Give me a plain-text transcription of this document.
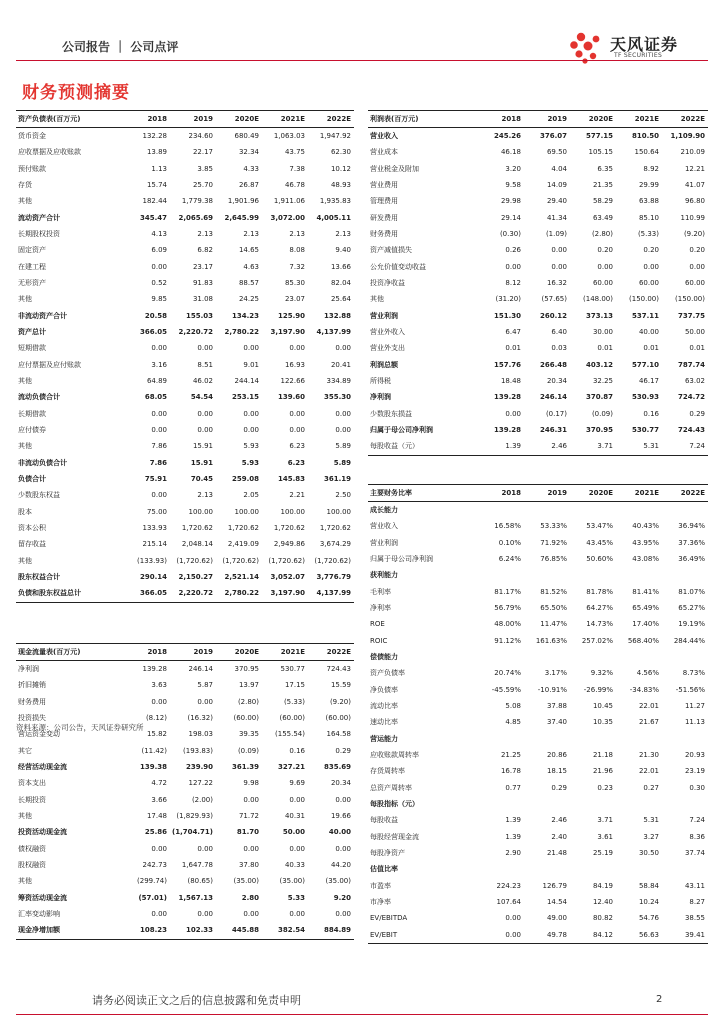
公司报告 ｜ 公司点评	天风证券
TF SECURITIES
财务预测摘要
资产负债表(百万元)	2018	2019	2020E	2021E	2022E
货币资金	132.28	234.60	680.49	1,063.03	1,947.92
应收票据及应收账款	13.89	22.17	32.34	43.75	62.30
预付账款	1.13	3.85	4.33	7.38	10.12
存货	15.74	25.70	26.87	46.78	48.93
其他	182.44	1,779.38	1,901.96	1,911.06	1,935.83
流动资产合计	345.47	2,065.69	2,645.99	3,072.00	4,005.11
长期股权投资	4.13	2.13	2.13	2.13	2.13
固定资产	6.09	6.82	14.65	8.08	9.40
在建工程	0.00	23.17	4.63	7.32	13.66
无形资产	0.52	91.83	88.57	85.30	82.04
其他	9.85	31.08	24.25	23.07	25.64
非流动资产合计	20.58	155.03	134.23	125.90	132.88
资产总计	366.05	2,220.72	2,780.22	3,197.90	4,137.99
短期借款	0.00	0.00	0.00	0.00	0.00
应付票据及应付账款	3.16	8.51	9.01	16.93	20.41
其他	64.89	46.02	244.14	122.66	334.89
流动负债合计	68.05	54.54	253.15	139.60	355.30
长期借款	0.00	0.00	0.00	0.00	0.00
应付债券	0.00	0.00	0.00	0.00	0.00
其他	7.86	15.91	5.93	6.23	5.89
非流动负债合计	7.86	15.91	5.93	6.23	5.89
负债合计	75.91	70.45	259.08	145.83	361.19
少数股东权益	0.00	2.13	2.05	2.21	2.50
股本	75.00	100.00	100.00	100.00	100.00
资本公积	133.93	1,720.62	1,720.62	1,720.62	1,720.62
留存收益	215.14	2,048.14	2,419.09	2,949.86	3,674.29
其他	(133.93)	(1,720.62)	(1,720.62)	(1,720.62)	(1,720.62)
股东权益合计	290.14	2,150.27	2,521.14	3,052.07	3,776.79
负债和股东权益总计	366.05	2,220.72	2,780.22	3,197.90	4,137.99
利润表(百万元)	2018	2019	2020E	2021E	2022E
营业收入	245.26	376.07	577.15	810.50	1,109.90
营业成本	46.18	69.50	105.15	150.64	210.09
营业税金及附加	3.20	4.04	6.35	8.92	12.21
营业费用	9.58	14.09	21.35	29.99	41.07
管理费用	29.98	29.40	58.29	63.88	96.80
研发费用	29.14	41.34	63.49	85.10	110.99
财务费用	(0.30)	(1.09)	(2.80)	(5.33)	(9.20)
资产减值损失	0.26	0.00	0.20	0.20	0.20
公允价值变动收益	0.00	0.00	0.00	0.00	0.00
投资净收益	8.12	16.32	60.00	60.00	60.00
其他	(31.20)	(57.65)	(148.00)	(150.00)	(150.00)
营业利润	151.30	260.12	373.13	537.11	737.75
营业外收入	6.47	6.40	30.00	40.00	50.00
营业外支出	0.01	0.03	0.01	0.01	0.01
利润总额	157.76	266.48	403.12	577.10	787.74
所得税	18.48	20.34	32.25	46.17	63.02
净利润	139.28	246.14	370.87	530.93	724.72
少数股东损益	0.00	(0.17)	(0.09)	0.16	0.29
归属于母公司净利润	139.28	246.31	370.95	530.77	724.43
每股收益（元）	1.39	2.46	3.71	5.31	7.24
主要财务比率	2018	2019	2020E	2021E	2022E
成长能力					
营业收入	16.58%	53.33%	53.47%	40.43%	36.94%
营业利润	0.10%	71.92%	43.45%	43.95%	37.36%
归属于母公司净利润	6.24%	76.85%	50.60%	43.08%	36.49%
获利能力					
毛利率	81.17%	81.52%	81.78%	81.41%	81.07%
净利率	56.79%	65.50%	64.27%	65.49%	65.27%
ROE	48.00%	11.47%	14.73%	17.40%	19.19%
ROIC	91.12%	161.63%	257.02%	568.40%	284.44%
偿债能力					
资产负债率	20.74%	3.17%	9.32%	4.56%	8.73%
净负债率	-45.59%	-10.91%	-26.99%	-34.83%	-51.56%
流动比率	5.08	37.88	10.45	22.01	11.27
速动比率	4.85	37.40	10.35	21.67	11.13
营运能力					
应收账款周转率	21.25	20.86	21.18	21.30	20.93
存货周转率	16.78	18.15	21.96	22.01	23.19
总资产周转率	0.77	0.29	0.23	0.27	0.30
每股指标（元）					
每股收益	1.39	2.46	3.71	5.31	7.24
每股经营现金流	1.39	2.40	3.61	3.27	8.36
每股净资产	2.90	21.48	25.19	30.50	37.74
估值比率					
市盈率	224.23	126.79	84.19	58.84	43.11
市净率	107.64	14.54	12.40	10.24	8.27
EV/EBITDA	0.00	49.00	80.82	54.76	38.55
EV/EBIT	0.00	49.78	84.12	56.63	39.41
现金流量表(百万元)	2018	2019	2020E	2021E	2022E
净利润	139.28	246.14	370.95	530.77	724.43
折旧摊销	3.63	5.87	13.97	17.15	15.59
财务费用	0.00	0.00	(2.80)	(5.33)	(9.20)
投资损失	(8.12)	(16.32)	(60.00)	(60.00)	(60.00)
营运资金变动	15.82	198.03	39.35	(155.54)	164.58
其它	(11.42)	(193.83)	(0.09)	0.16	0.29
经营活动现金流	139.38	239.90	361.39	327.21	835.69
资本支出	4.72	127.22	9.98	9.69	20.34
长期投资	3.66	(2.00)	0.00	0.00	0.00
其他	17.48	(1,829.93)	71.72	40.31	19.66
投资活动现金流	25.86	(1,704.71)	81.70	50.00	40.00
债权融资	0.00	0.00	0.00	0.00	0.00
股权融资	242.73	1,647.78	37.80	40.33	44.20
其他	(299.74)	(80.65)	(35.00)	(35.00)	(35.00)
筹资活动现金流	(57.01)	1,567.13	2.80	5.33	9.20
汇率变动影响	0.00	0.00	0.00	0.00	0.00
现金净增加额	108.23	102.33	445.88	382.54	884.89
资料来源：公司公告，天风证券研究所
请务必阅读正文之后的信息披露和免责申明	2
